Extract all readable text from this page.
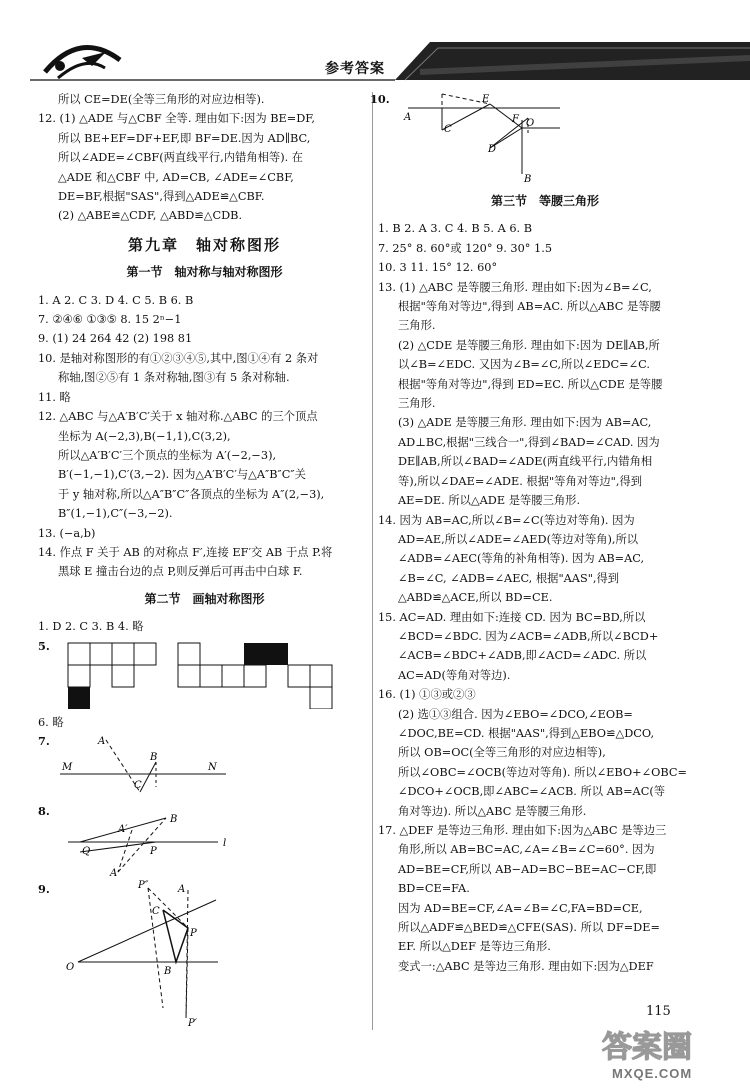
参考答案
所以 CE=DE(全等三角形的对应边相等).
12. (1) △ADE 与△CBF 全等. 理由如下:因为 BE=DF,
所以 BE+EF=DF+EF,即 BF=DE.因为 AD∥BC,
所以∠ADE=∠CBF(两直线平行,内错角相等). 在
△ADE 和△CBF 中, AD=CB, ∠ADE=∠CBF,
DE=BF,根据"SAS",得到△ADE≌△CBF.
(2) △ABE≌△CDF, △ABD≌△CDB.
第九章　轴对称图形
第一节　轴对称与轴对称图形
1. A 2. C 3. D 4. C 5. B 6. B
7. ②④⑥ ①③⑤ 8. 15 2ⁿ−1
9. (1) 24 264 42 (2) 198 81
10. 是轴对称图形的有①②③④⑤,其中,图①④有 2 条对
称轴,图②⑤有 1 条对称轴,图③有 5 条对称轴.
11. 略
12. △ABC 与△A′B′C′关于 x 轴对称.△ABC 的三个顶点
坐标为 A(−2,3),B(−1,1),C(3,2),
所以△A′B′C′三个顶点的坐标为 A′(−2,−3),
B′(−1,−1),C′(3,−2). 因为△A′B′C′与△A″B″C″关
于 y 轴对称,所以△A″B″C″各顶点的坐标为 A″(2,−3),
B″(1,−1),C″(−3,−2).
13. (−a,b)
14. 作点 F 关于 AB 的对称点 F′,连接 EF′交 AB 于点 P.将
黑球 E 撞击台边的点 P,则反弹后可再击中白球 F.
第二节　画轴对称图形
1. D 2. C 3. B 4. 略
5.
6. 略
7.	A
B
M
C
N
8.
B
A′
Q	P
l
A
9.	P″	A
C
P
O	B
P′
10.
A
E
C
F O
D
B
第三节　等腰三角形
1. B 2. A 3. C 4. B 5. A 6. B
7. 25° 8. 60°或 120° 9. 30° 1.5
10. 3 11. 15° 12. 60°
13. (1) △ABC 是等腰三角形. 理由如下:因为∠B=∠C,
根据"等角对等边",得到 AB=AC. 所以△ABC 是等腰
三角形.
(2) △CDE 是等腰三角形. 理由如下:因为 DE∥AB,所
以∠B=∠EDC. 又因为∠B=∠C,所以∠EDC=∠C.
根据"等角对等边",得到 ED=EC. 所以△CDE 是等腰
三角形.
(3) △ADE 是等腰三角形. 理由如下:因为 AB=AC,
AD⊥BC,根据"三线合一",得到∠BAD=∠CAD. 因为
DE∥AB,所以∠BAD=∠ADE(两直线平行,内错角相
等),所以∠DAE=∠ADE. 根据"等角对等边",得到
AE=DE. 所以△ADE 是等腰三角形.
14. 因为 AB=AC,所以∠B=∠C(等边对等角). 因为
AD=AE,所以∠ADE=∠AED(等边对等角),所以
∠ADB=∠AEC(等角的补角相等). 因为 AB=AC,
∠B=∠C, ∠ADB=∠AEC, 根据"AAS",得到
△ABD≌△ACE,所以 BD=CE.
15. AC=AD. 理由如下:连接 CD. 因为 BC=BD,所以
∠BCD=∠BDC. 因为∠ACB=∠ADB,所以∠BCD+
∠ACB=∠BDC+∠ADB,即∠ACD=∠ADC. 所以
AC=AD(等角对等边).
16. (1) ①③或②③
(2) 选①③组合. 因为∠EBO=∠DCO,∠EOB=
∠DOC,BE=CD. 根据"AAS",得到△EBO≌△DCO,
所以 OB=OC(全等三角形的对应边相等),
所以∠OBC=∠OCB(等边对等角). 所以∠EBO+∠OBC=
∠DCO+∠OCB,即∠ABC=∠ACB. 所以 AB=AC(等
角对等边). 所以△ABC 是等腰三角形.
17. △DEF 是等边三角形. 理由如下:因为△ABC 是等边三
角形,所以 AB=BC=AC,∠A=∠B=∠C=60°. 因为
AD=BE=CF,所以 AB−AD=BC−BE=AC−CF,即
BD=CE=FA.
因为 AD=BE=CF,∠A=∠B=∠C,FA=BD=CE,
所以△ADF≌△BED≌△CFE(SAS). 所以 DF=DE=
EF. 所以△DEF 是等边三角形.
变式一:△ABC 是等边三角形. 理由如下:因为△DEF
115
答案圈
MXQE.COM
